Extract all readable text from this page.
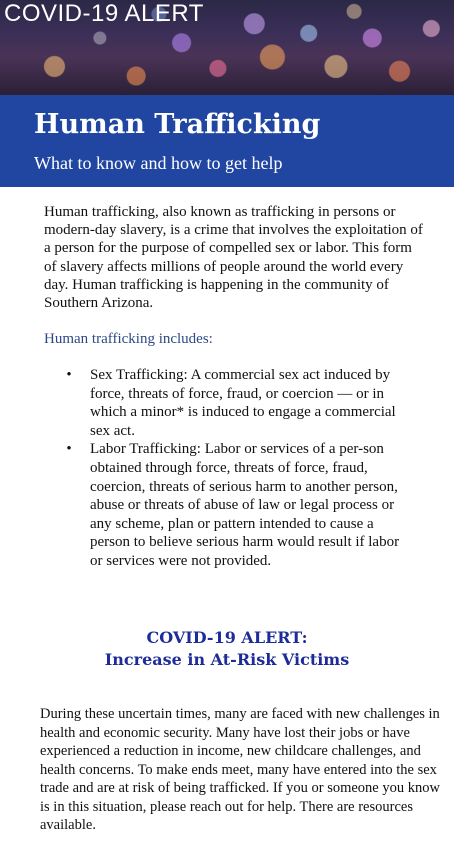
COVID-19 ALERT
Human Trafficking

What to know and how to get help

Human trafficking, also known as trafficking in persons or modern-day slavery, is a crime that involves the exploitation of a person for the purpose of compelled sex or labor. This form of slavery affects millions of people around the world every day. Human trafficking is happening in the community of Southern Arizona.

Human trafficking includes:
• Sex Trafficking: A commercial sex act induced by force, threats of force, fraud, or coercion — or in which a minor* is induced to engage a commercial sex act.
• Labor Trafficking: Labor or services of a per-son obtained through force, threats of force, fraud, coercion, threats of serious harm to another person, abuse or threats of abuse of law or legal process or any scheme, plan or pattern intended to cause a person to believe serious harm would result if labor or services were not provided.
COVID-19 ALERT:
Increase in At-Risk Victims

During these uncertain times, many are faced with new challenges in health and economic security. Many have lost their jobs or have experienced a reduction in income, new childcare challenges, and health concerns. To make ends meet, many have entered into the sex trade and are at risk of being trafficked. If you or someone you know is in this situation, please reach out for help. There are resources available.
